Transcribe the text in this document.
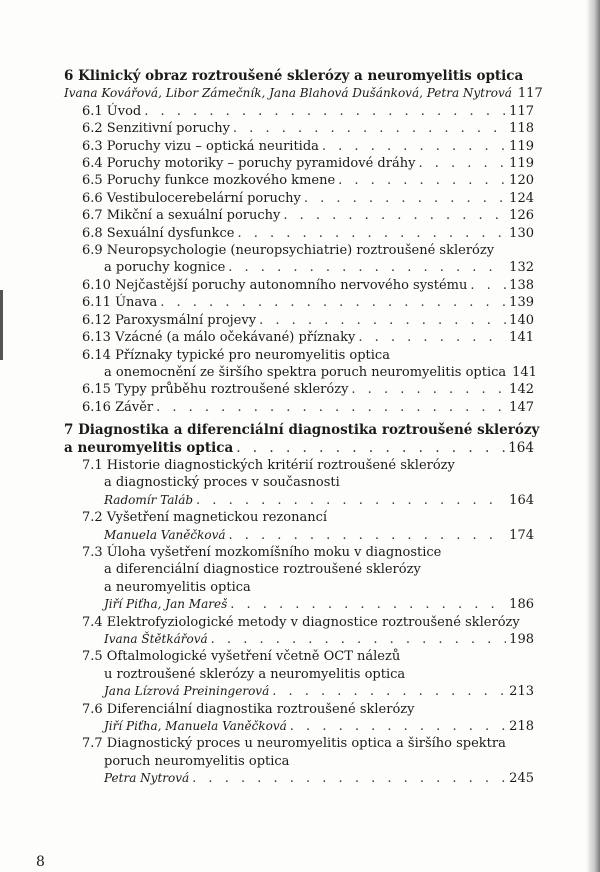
6 Klinický obraz roztroušené sklerózy a neuromyelitis optica
Ivana Kovářová, Libor Zámečník, Jana Blahová Dušánková, Petra Nytrová 117
6.1 Úvod . . .	117
6.2 Senzitivní poruchy . . .	118
6.3 Poruchy vizu – optická neuritida . . .	119
6.4 Poruchy motoriky – poruchy pyramidové dráhy . . .	119
6.5 Poruchy funkce mozkového kmene . . .	120
6.6 Vestibulocerebelární poruchy . . .	124
6.7 Mikční a sexuální poruchy . . .	126
6.8 Sexuální dysfunkce . . .	130
6.9 Neuropsychologie (neuropsychiatrie) roztroušené sklerózy
a poruchy kognice . . .	132
6.10 Nejčastější poruchy autonomního nervového systému . . .	138
6.11 Únava . . .	139
6.12 Paroxysmální projevy . . .	140
6.13 Vzácné (a málo očekávané) příznaky . . .	141
6.14 Příznaky typické pro neuromyelitis optica
a onemocnění ze širšího spektra poruch neuromyelitis optica 141
6.15 Typy průběhu roztroušené sklerózy . . .	142
6.16 Závěr . . .	147
7 Diagnostika a diferenciální diagnostika roztroušené sklerózy
a neuromyelitis optica . . .	164
7.1 Historie diagnostických kritérií roztroušené sklerózy
a diagnostický proces v současnosti
Radomír Taláb . . .	164
7.2 Vyšetření magnetickou rezonancí
Manuela Vaněčková . . .	174
7.3 Úloha vyšetření mozkomíšního moku v diagnostice
a diferenciální diagnostice roztroušené sklerózy
a neuromyelitis optica
Jiří Piťha, Jan Mareš . . .	186
7.4 Elektrofyziologické metody v diagnostice roztroušené sklerózy
Ivana Štětkářová . . .	198
7.5 Oftalmologické vyšetření včetně OCT nálezů
u roztroušené sklerózy a neuromyelitis optica
Jana Lízrová Preiningerová . . .	213
7.6 Diferenciální diagnostika roztroušené sklerózy
Jiří Piťha, Manuela Vaněčková . . .	218
7.7 Diagnostický proces u neuromyelitis optica a širšího spektra
poruch neuromyelitis optica
Petra Nytrová . . .	245
8
